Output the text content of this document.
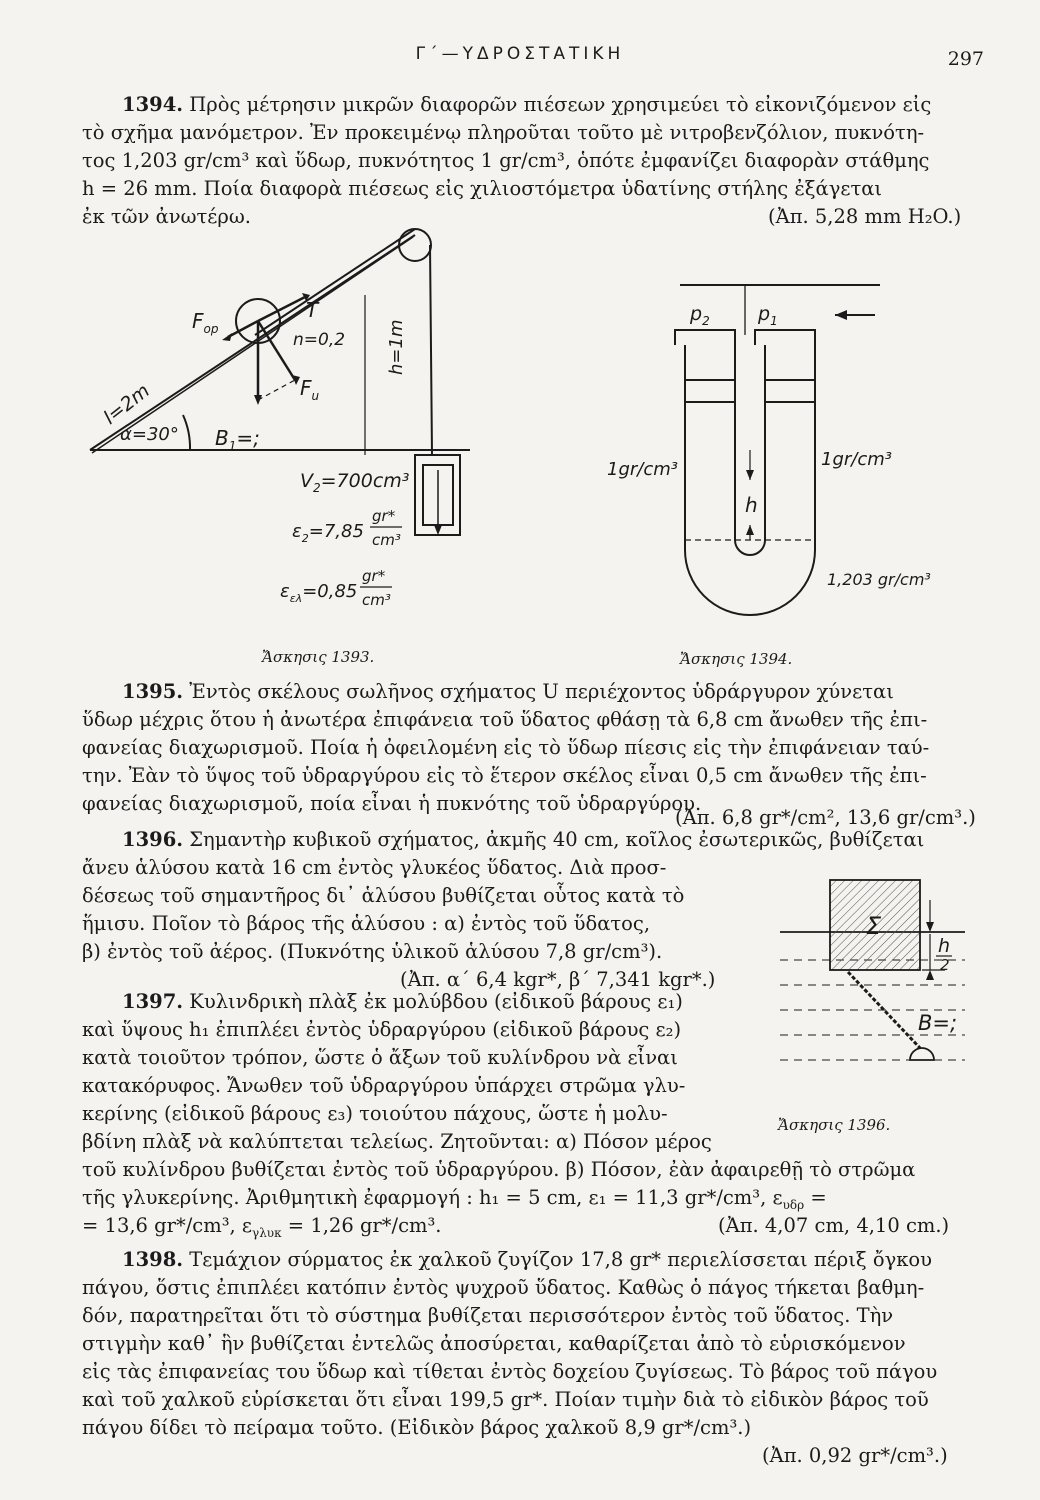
Γ΄—ΥΔΡΟΣΤΑΤΙΚΗ	297
1394. Πρὸς μέτρησιν μικρῶν διαφορῶν πιέσεων χρησιμεύει τὸ εἰκονιζόμενον εἰς
τὸ σχῆμα μανόμετρον. Ἐν προκειμένῳ πληροῦται τοῦτο μὲ νιτροβενζόλιον, πυκνότη-
τος 1,203 gr/cm³ καὶ ὕδωρ, πυκνότητος 1 gr/cm³, ὁπότε ἐμφανίζει διαφορὰν στάθμης
h = 26 mm. Ποία διαφορὰ πιέσεως εἰς χιλιοστόμετρα ὑδατίνης στήλης ἐξάγεται
ἐκ τῶν ἀνωτέρω.	(Ἀπ. 5,28 mm H₂O.)
$F_{op}$
T
n=0,2
$F_u$
l=2m
α=30° $B_1=$;
h=1m
$V_2=700cm^3$
$\varepsilon_2=7,85$
gr*
cm³
$\varepsilon_{\varepsilon\lambda}=0,85$
gr*
cm³
Ἄσκησις 1393.
$p_2$	$p_1$
1gr/cm³	1gr/cm³
h
1,203 gr/cm³
Ἄσκησις 1394.
1395. Ἐντὸς σκέλους σωλῆνος σχήματος U περιέχοντος ὑδράργυρον χύνεται
ὕδωρ μέχρις ὅτου ἡ ἀνωτέρα ἐπιφάνεια τοῦ ὕδατος φθάσῃ τὰ 6,8 cm ἄνωθεν τῆς ἐπι-
φανείας διαχωρισμοῦ. Ποία ἡ ὀφειλομένη εἰς τὸ ὕδωρ πίεσις εἰς τὴν ἐπιφάνειαν ταύ-
την. Ἐὰν τὸ ὕψος τοῦ ὑδραργύρου εἰς τὸ ἕτερον σκέλος εἶναι 0,5 cm ἄνωθεν τῆς ἐπι-
φανείας διαχωρισμοῦ, ποία εἶναι ἡ πυκνότης τοῦ ὑδραργύρου.
(Ἀπ. 6,8 gr*/cm², 13,6 gr/cm³.)
1396. Σημαντὴρ κυβικοῦ σχήματος, ἀκμῆς 40 cm, κοῖλος ἐσωτερικῶς, βυθίζεται
ἄνευ ἁλύσου κατὰ 16 cm ἐντὸς γλυκέος ὕδατος. Διὰ προσ-
δέσεως τοῦ σημαντῆρος δι᾿ ἁλύσου βυθίζεται οὗτος κατὰ τὸ
ἥμισυ. Ποῖον τὸ βάρος τῆς ἁλύσου : α) ἐντὸς τοῦ ὕδατος,
β) ἐντὸς τοῦ ἀέρος. (Πυκνότης ὑλικοῦ ἁλύσου 7,8 gr/cm³).
(Ἀπ. α΄ 6,4 kgr*, β΄ 7,341 kgr*.)
Σ
h
2
B=;
Ἄσκησις 1396.
1397. Κυλινδρικὴ πλὰξ ἐκ μολύβδου (εἰδικοῦ βάρους ε₁)
καὶ ὕψους h₁ ἐπιπλέει ἐντὸς ὑδραργύρου (εἰδικοῦ βάρους ε₂)
κατὰ τοιοῦτον τρόπον, ὥστε ὁ ἄξων τοῦ κυλίνδρου νὰ εἶναι
κατακόρυφος. Ἄνωθεν τοῦ ὑδραργύρου ὑπάρχει στρῶμα γλυ-
κερίνης (εἰδικοῦ βάρους ε₃) τοιούτου πάχους, ὥστε ἡ μολυ-
βδίνη πλὰξ νὰ καλύπτεται τελείως. Ζητοῦνται: α) Πόσον μέρος
τοῦ κυλίνδρου βυθίζεται ἐντὸς τοῦ ὑδραργύρου. β) Πόσον, ἐὰν ἀφαιρεθῇ τὸ στρῶμα
τῆς γλυκερίνης. Ἀριθμητικὴ ἐφαρμογή : h₁ = 5 cm, ε₁ = 11,3 gr*/cm³, $\varepsilon_{\upsilon\delta\rho}$ =
= 13,6 gr*/cm³, $\varepsilon_{\gamma\lambda\upsilon\kappa} = 1,26$ gr*/cm³.	(Ἀπ. 4,07 cm, 4,10 cm.)
1398. Τεμάχιον σύρματος ἐκ χαλκοῦ ζυγίζον 17,8 gr* περιελίσσεται πέριξ ὄγκου
πάγου, ὅστις ἐπιπλέει κατόπιν ἐντὸς ψυχροῦ ὕδατος. Καθὼς ὁ πάγος τήκεται βαθμη-
δόν, παρατηρεῖται ὅτι τὸ σύστημα βυθίζεται περισσότερον ἐντὸς τοῦ ὕδατος. Τὴν
στιγμὴν καθ᾿ ἣν βυθίζεται ἐντελῶς ἀποσύρεται, καθαρίζεται ἀπὸ τὸ εὑρισκόμενον
εἰς τὰς ἐπιφανείας του ὕδωρ καὶ τίθεται ἐντὸς δοχείου ζυγίσεως. Τὸ βάρος τοῦ πάγου
καὶ τοῦ χαλκοῦ εὑρίσκεται ὅτι εἶναι 199,5 gr*. Ποίαν τιμὴν διὰ τὸ εἰδικὸν βάρος τοῦ
πάγου δίδει τὸ πείραμα τοῦτο. (Εἰδικὸν βάρος χαλκοῦ 8,9 gr*/cm³.)
(Ἀπ. 0,92 gr*/cm³.)
